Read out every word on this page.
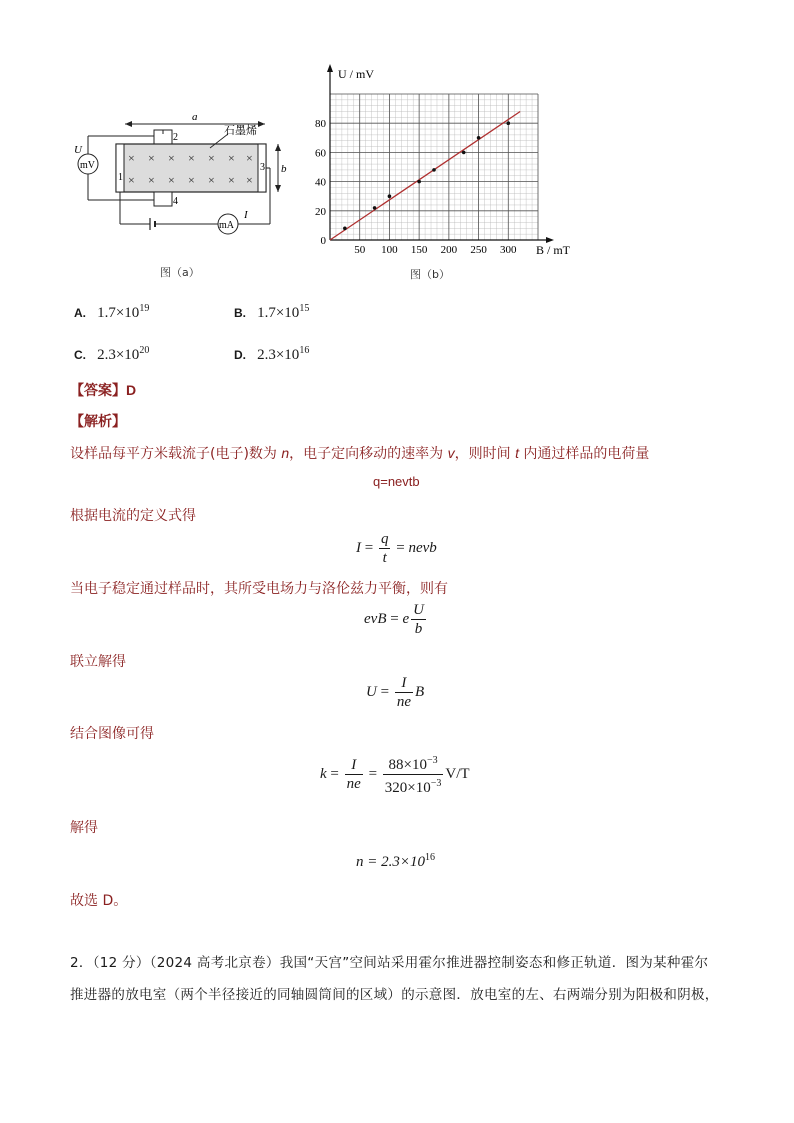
a
2
1
3
4
× × × × × × ×
× × × × × × ×
石墨烯
b
mV
U
mA
I
图（a）
50 100 150 200 250 300
0
20
40
60
80
U / mV
B / mT
图（b）
A. $1.7\times 10^{19}$	B. $1.7\times 10^{15}$
C. $2.3\times 10^{20}$	D. $2.3\times 10^{16}$
【答案】D
【解析】
设样品每平方米载流子(电子)数为 n，电子定向移动的速率为 v，则时间 t 内通过样品的电荷量
q=nevtb
根据电流的定义式得
$I = \frac{q}{t}$ = nevb
当电子稳定通过样品时，其所受电场力与洛伦兹力平衡，则有
evB = e $\frac{U}{b}$
联立解得
$U = \frac{I}{ne}$ B
结合图像可得
$k = \frac{I}{ne} = \frac{88\times 10^{-3}}{320\times 10^{-3}} V/T$
解得
$n = 2.3\times 10^{16}$
故选 D。
2．（12 分）（2024 高考北京卷）我国“天宫”空间站采用霍尔推进器控制姿态和修正轨道．图为某种霍尔
推进器的放电室（两个半径接近的同轴圆筒间的区域）的示意图．放电室的左、右两端分别为阳极和阴极，
